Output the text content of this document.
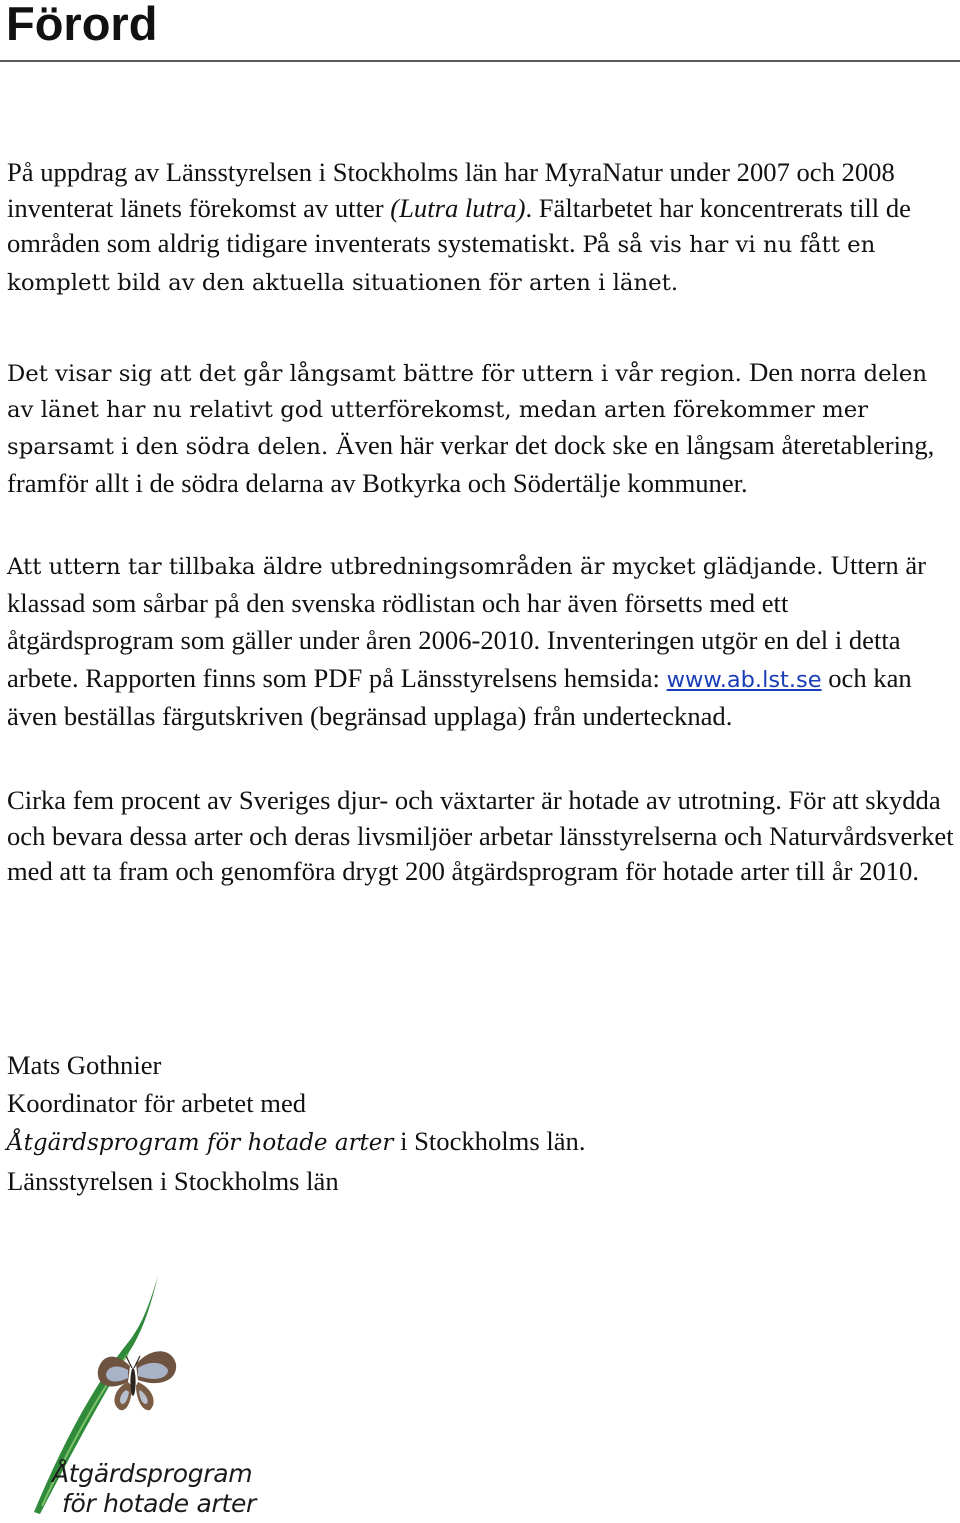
Förord

På uppdrag av Länsstyrelsen i Stockholms län har MyraNatur under 2007 och 2008 inventerat länets förekomst av utter (Lutra lutra). Fältarbetet har koncentrerats till de områden som aldrig tidigare inventerats systematiskt. På så vis har vi nu fått en komplett bild av den aktuella situationen för arten i länet.

Det visar sig att det går långsamt bättre för uttern i vår region. Den norra delen av länet har nu relativt god utterförekomst, medan arten förekommer mer sparsamt i den södra delen. Även här verkar det dock ske en långsam återetablering, framför allt i de södra delarna av Botkyrka och Södertälje kommuner.

Att uttern tar tillbaka äldre utbredningsområden är mycket glädjande. Uttern är klassad som sårbar på den svenska rödlistan och har även försetts med ett åtgärdsprogram som gäller under åren 2006-2010. Inventeringen utgör en del i detta arbete. Rapporten finns som PDF på Länsstyrelsens hemsida: www.ab.lst.se och kan även beställas färgutskriven (begränsad upplaga) från undertecknad.

Cirka fem procent av Sveriges djur- och växtarter är hotade av utrotning. För att skydda och bevara dessa arter och deras livsmiljöer arbetar länsstyrelserna och Naturvårdsverket med att ta fram och genomföra drygt 200 åtgärdsprogram för hotade arter till år 2010.

Mats Gothnier
Koordinator för arbetet med
Åtgärdsprogram för hotade arter i Stockholms län.
Länsstyrelsen i Stockholms län
Åtgärdsprogram
för hotade arter
